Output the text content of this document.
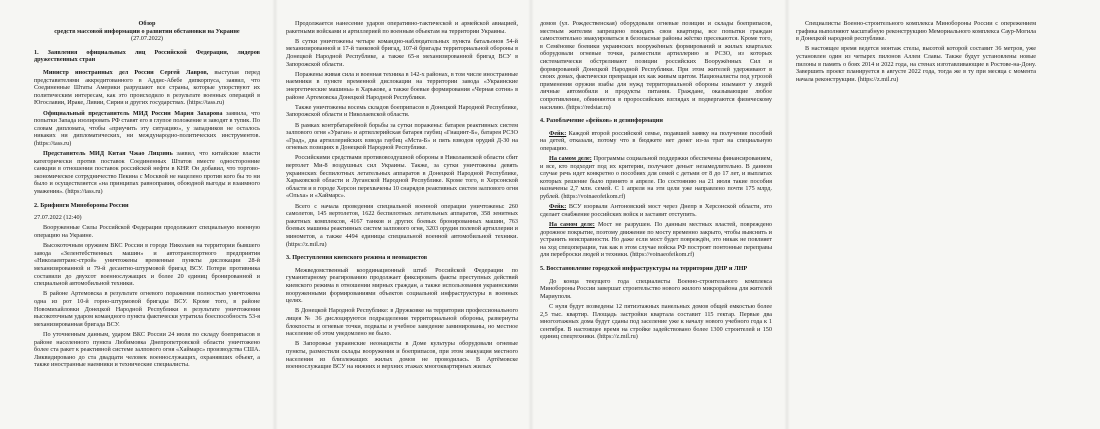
Обзор

средств массовой информации о развитии обстановки на Украине

(27.07.2022)

1. Заявления официальных лиц Российской Федерации, лидеров дружественных стран

Министр иностранных дел России Сергей Лавров, выступая перед представителями аккредитованного в Аддис-Абебе дипкорпуса, заявил, что Соединенные Штаты Америки разрушают все страны, которые упорствуют их политическим интересам, как это происходило в результате военных операций в Югославии, Ираке, Ливии, Сирии и других государствах. (https://tass.ru)

Официальный представитель МИД России Мария Захарова заявила, что попытки Запада изолировать РФ ставят его в глупое положение и заводят в тупик. По словам дипломата, чтобы «приучить эту ситуацию», у западников не осталось никаких ни дипломатических, ни международно-политических инструментов. (https://tass.ru)

Представитель МИД Китая Чжао Лицзянь заявил, что китайские власти категорически против поставок Соединенных Штатов вместе односторонние санкции в отношении поставок российской нефти в КНР. Он добавил, что торгово-экономическое сотрудничество Пекина с Москвой не нацелено против кого бы то ни было и осуществляется «на принципах равноправия, обоюдной выгоды и взаимного уважения». (https://tass.ru)

2. Брифинги Минобороны России

27.07.2022 (12:40)

Вооруженные Силы Российской Федерации продолжают специальную военную операцию на Украине.

Высокоточным оружием ВКС России в городе Николаев на территории бывшего завода «Зелентебственных машин» и автотранспортного предприятия «Николаевтранс-строй» уничтожены временные пункты дислокации 28-й механизированной и 79-й десантно-штурмовой бригад ВСУ. Потери противника составили до двухсот военнослужащих и более 20 единиц бронированной и специальной автомобильной техники.

В районе Артемовска в результате огневого поражения полностью уничтожена одна из рот 10-й горно-штурмовой бригады ВСУ. Кроме того, в районе Новомихайловки Донецкой Народной Республики в результате уничтожения высокоточным ударом командного пункта фактически утратила боеспособность 53-я механизированная бригада ВСУ.

По уточненным данным, ударом ВКС России 24 июля по складу боеприпасов в районе населенного пункта Любимовка Днепропетровской области уничтожено более ста ракет к реактивной системе залпового огня «Хаймарс» производства США. Ликвидировано до ста двадцати человек военнослужащих, охранявших объект, а также иностранные наемники и технические специалисты.

Продолжается нанесение ударов оперативно-тактической и армейской авиацией, ракетными войсками и артиллерией по военным объектам на территории Украины.

В сутки уничтожены четыре командно-наблюдательных пункта батальонов 54-й механизированной и 17-й танковой бригад, 107-й бригады территориальной обороны в Донецкой Народной Республике, а также 65-я механизированной бригад ВСУ в Запорожской области.

Поражены живая сила и военная техника в 142-х районах, в том числе иностранные наемники в пункте временной дислокации на территории завода «Украинские энергетические машины» в Харькове, а также боевые формирования «Черная сотня» в районе Артемовска Донецкой Народной Республики.

Также уничтожены восемь складов боеприпасов в Донецкой Народной Республике, Запорожской области и Николаевской области.

В рамках контрбатарейной борьбы за сутки поражены: батарея реактивных систем залпового огня «Ураган» и артиллерийская батарея гаубиц «Гиацинт-Б», батарея РСЗО «Град», два артиллерийских взвода гаубиц «Мста-Б» и пять взводов орудий Д-30 на огневых позициях в Донецкой Народной Республике.

Российскими средствами противовоздушной обороны в Николаевской области сбит вертолет Ми-8 воздушных сил Украины. Также, за сутки уничтожены девять украинских беспилотных летательных аппаратов в Донецкой Народной Республике, Харьковской области и Луганской Народной Республике. Кроме того, в Херсонской области и в городе Херсон перехвачены 10 снарядов реактивных систем залпового огня «Ольха» и «Хаймарс».

Всего с начала проведения специальной военной операции уничтожены: 260 самолетов, 145 вертолетов, 1622 беспилотных летательных аппаратов, 358 зенитных ракетных комплексов, 4167 танков и других боевых бронированных машин, 763 боевых машины реактивных систем залпового огня, 3203 орудия полевой артиллерии и минометов, а также 4494 единицы специальной военной автомобильной техники. (https://z.mil.ru)

3. Преступления киевского режима и неонацистов

Межведомственный координационный штаб Российской Федерации по гуманитарному реагированию продолжает фиксировать факты преступных действий киевского режима в отношении мирных граждан, а также использования украинскими вооруженными формированиями объектов социальной инфраструктуры в военных целях.

В Донецкой Народной Республике: в Дружковке на территории профессионального лицея № 36 дислоцируются подразделения территориальной обороны, развернуты блокпосты и огневые точки, подвалы и учебное заведение заминированы, но местное население об этом уведомлено не было.

В Запорожье украинские неонацисты в Доме культуры оборудовали огневые пункты, разместили склады вооружения и боеприпасов, при этом эвакуация местного населения из близлежащих жилых домов не проводилась. В Артёмовске военнослужащие ВСУ на нижних и верхних этажах многоквартирных жилых

домов (ул. Рождественская) оборудовали огневые позиции и склады боеприпасов, местным жителям запрещено покидать свои квартиры, все попытки граждан самостоятельно эвакуироваться в безопасные районы жёстко пресекаются. Кроме того, в Семёновке боевики украинских вооружённых формирований и жилых кварталах оборудовали огневые точки, разместили артиллерию и РСЗО, из которых систематически обстреливают позиции российских Вооружённых Сил и формирований Донецкой Народной Республики. При этом жителей удерживают в своих домах, фактически превращая их как живым щитом. Националисты под угрозой применения оружия взабы для нужд территориальной обороны изымают у людей личные автомобили и продукты питания. Граждане, оказывающие любое сопротивление, обвиняются в пророссийских взглядах и подвергаются физическому насилию. (https://redstar.ru)

4. Разоблачение «фейков» и дезинформации

Фейк: Каждой второй российской семье, подавшей заявку на получение пособий на детей, отказали, потому что в бюджете нет денег из-за трат на специальную операцию.

На самом деле: Программы социальной поддержки обеспечены финансированием, и все, кто подходит под их критерии, получают деньег незамедлительно. В данном случае речь идет конкретно о пособиях для семей с детьми от 8 до 17 лет, и выплатах которых решение было принято в апреле. По состоянию на 21 июля такие пособия назначены 2,7 млн. семей. С 1 апреля на эти цели уже направлено почти 175 млрд. рублей. (https://voinaeofeikom.rf)

Фейк: ВСУ взорвали Антоновский мост через Днепр в Херсонской области, это сделает снабжение российских войск и заставит отступить.

На самом деле: Мост не разрушен. По данным местных властей, повреждено дорожное покрытие, поэтому движение по мосту временно закрыто, чтобы выяснить и устранить неисправности. Но даже если мост будет повреждён, это никак не повлияет на ход спецоперации, так как в этом случае войска РФ построят понтонные переправы для переброски людей и техники. (https://voinaeofeikom.rf)

5. Восстановление городской инфраструктуры на территории ДНР и ЛНР

До конца текущего года специалисты Военно-строительного комплекса Минобороны России завершат строительство нового жилого микрорайона для жителей Мариуполя.

С нуля будут возведены 12 пятиэтажных панельных домов общей емкостью более 2,5 тыс. квартир. Площадь застройки квартала составит 115 гектар. Первые два многоэтажных дома будут сданы под заселение уже к началу нового учебного года к 1 сентября. В настоящее время на стройке задействовано более 1300 строителей и 150 единиц спецтехники. (https://z.mil.ru)

Специалисты Военно-строительного комплекса Минобороны России с опережением графика выполняют масштабную реконструкцию Мемориального комплекса Саур-Могила в Донецкой народной республике.

В настоящее время ведется монтаж стелы, высотой которой составит 36 метров, уже установлен один из четырех пилонов Аллеи Славы. Также будут установлены новые пилоны в память о боях 2014 и 2022 года, на стенах изготавливающие в Ростове-на-Дону. Завершить проект планируется в августе 2022 года, тогда же в ту при месяца с момента начала реконструкции. (https://z.mil.ru)
